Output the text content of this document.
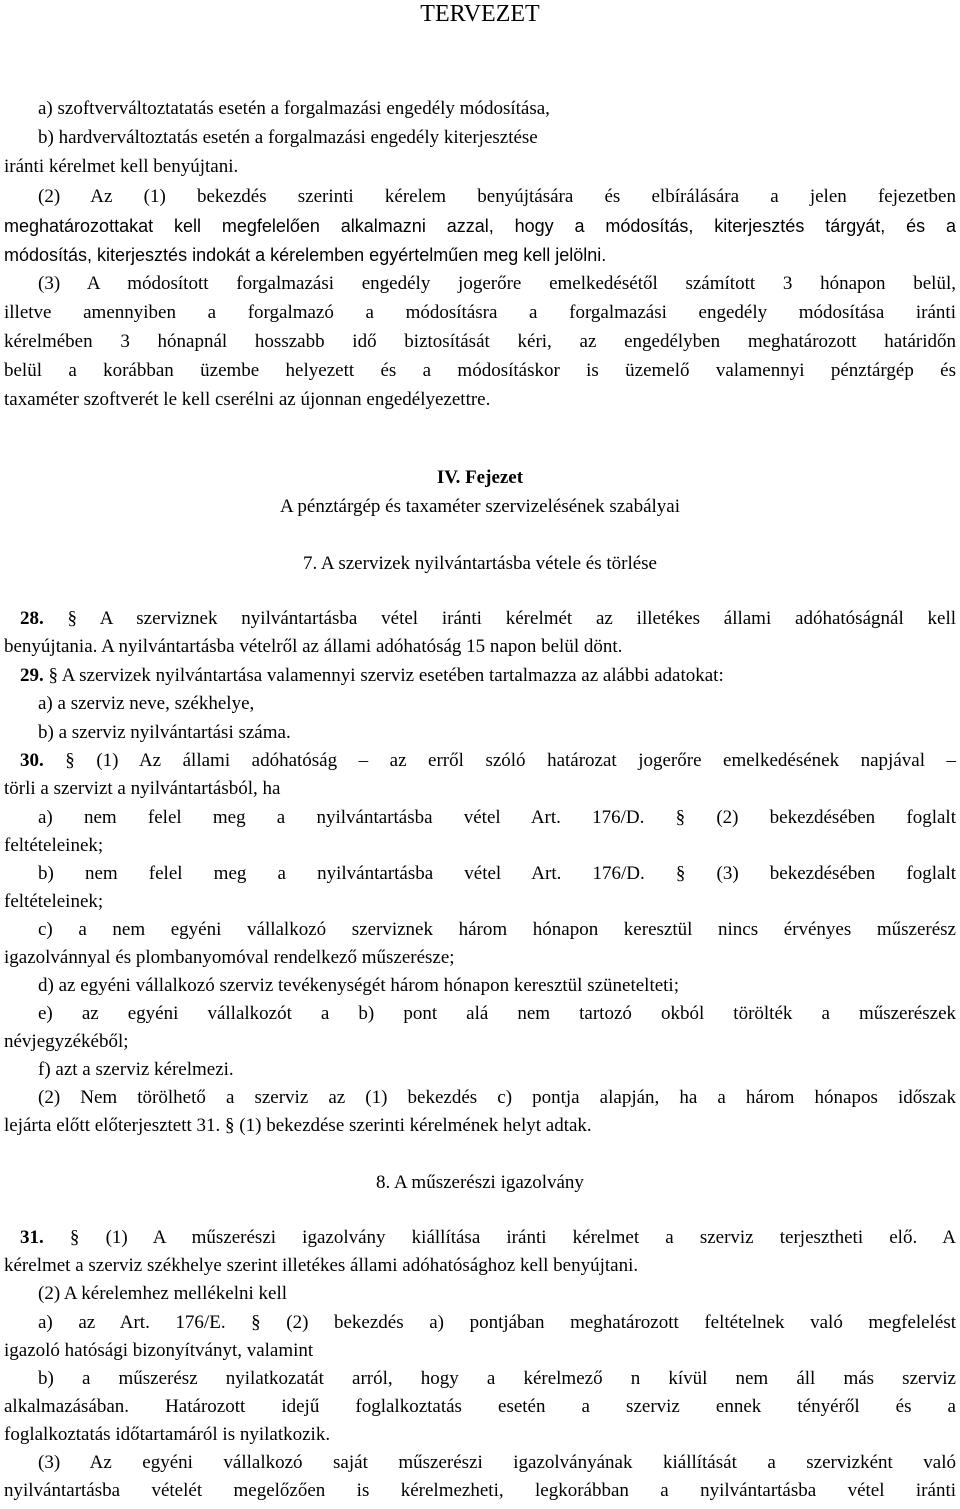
TERVEZET
a) szoftverváltoztatatás esetén a forgalmazási engedély módosítása,
b) hardverváltoztatás esetén a forgalmazási engedély kiterjesztése
iránti kérelmet kell benyújtani.
(2) Az (1) bekezdés szerinti kérelem benyújtására és elbírálására a jelen fejezetben
meghatározottakat kell megfelelően alkalmazni azzal, hogy a módosítás, kiterjesztés tárgyát, és a
módosítás, kiterjesztés indokát a kérelemben egyértelműen meg kell jelölni.
(3) A módosított forgalmazási engedély jogerőre emelkedésétől számított 3 hónapon belül,
illetve amennyiben a forgalmazó a módosításra a forgalmazási engedély módosítása iránti
kérelmében 3 hónapnál hosszabb idő biztosítását kéri, az engedélyben meghatározott határidőn
belül a korábban üzembe helyezett és a módosításkor is üzemelő valamennyi pénztárgép és
taxaméter szoftverét le kell cserélni az újonnan engedélyezettre.
IV. Fejezet
A pénztárgép és taxaméter szervizelésének szabályai
7. A szervizek nyilvántartásba vétele és törlése
28. § A szerviznek nyilvántartásba vétel iránti kérelmét az illetékes állami adóhatóságnál kell
benyújtania. A nyilvántartásba vételről az állami adóhatóság 15 napon belül dönt.
29. § A szervizek nyilvántartása valamennyi szerviz esetében tartalmazza az alábbi adatokat:
a) a szerviz neve, székhelye,
b) a szerviz nyilvántartási száma.
30. § (1) Az állami adóhatóság – az erről szóló határozat jogerőre emelkedésének napjával –
törli a szervizt a nyilvántartásból, ha
a) nem felel meg a nyilvántartásba vétel Art. 176/D. § (2) bekezdésében foglalt
feltételeinek;
b) nem felel meg a nyilvántartásba vétel Art. 176/D. § (3) bekezdésében foglalt
feltételeinek;
c) a nem egyéni vállalkozó szerviznek három hónapon keresztül nincs érvényes műszerész
igazolvánnyal és plombanyomóval rendelkező műszerésze;
d) az egyéni vállalkozó szerviz tevékenységét három hónapon keresztül szünetelteti;
e) az egyéni vállalkozót a b) pont alá nem tartozó okból törölték a műszerészek
névjegyzékéből;
f) azt a szerviz kérelmezi.
(2) Nem törölhető a szerviz az (1) bekezdés c) pontja alapján, ha a három hónapos időszak
lejárta előtt előterjesztett 31. § (1) bekezdése szerinti kérelmének helyt adtak.
8. A műszerészi igazolvány
31. § (1) A műszerészi igazolvány kiállítása iránti kérelmet a szerviz terjesztheti elő. A
kérelmet a szerviz székhelye szerint illetékes állami adóhatósághoz kell benyújtani.
(2) A kérelemhez mellékelni kell
a) az Art. 176/E. § (2) bekezdés a) pontjában meghatározott feltételnek való megfelelést
igazoló hatósági bizonyítványt, valamint
b) a műszerész nyilatkozatát arról, hogy a kérelmező n kívül nem áll más szerviz
alkalmazásában. Határozott idejű foglalkoztatás esetén a szerviz ennek tényéről és a
foglalkoztatás időtartamáról is nyilatkozik.
(3) Az egyéni vállalkozó saját műszerészi igazolványának kiállítását a szervizként való
nyilvántartásba vételét megelőzően is kérelmezheti, legkorábban a nyilvántartásba vétel iránti
